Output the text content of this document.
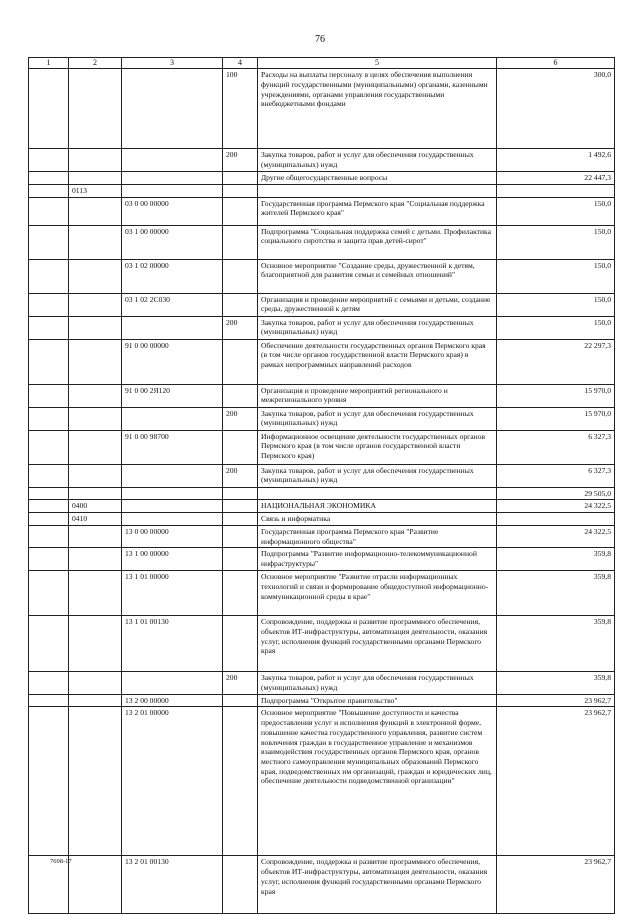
76
1	2	3	4	5	6
			100	Расходы на выплаты персоналу в целях обеспечения выполнения функций государственными (муниципальными) органами, казенными учреждениями, органами управления государственными внебюджетными фондами	300,0
			200	Закупка товаров, работ и услуг для обеспечения государственных (муниципальных) нужд	1 492,6
				Другие общегосударственные вопросы	22 447,3
	0113				
		03 0 00 00000		Государственная программа Пермского края "Социальная поддержка жителей Пермского края"	150,0
		03 1 00 00000		Подпрограмма "Социальная поддержка семей с детьми. Профилактика социального сиротства и защита прав детей-сирот"	150,0
		03 1 02 00000		Основное мероприятие "Создание среды, дружественной к детям, благоприятной для развития семьи и семейных отношений"	150,0
		03 1 02 2С030		Организация и проведение мероприятий с семьями и детьми, создание среды, дружественной к детям	150,0
			200	Закупка товаров, работ и услуг для обеспечения государственных (муниципальных) нужд	150,0
		91 0 00 00000		Обеспечение деятельности государственных органов Пермского края (в том числе органов государственной власти Пермского края) в рамках непрограммных направлений расходов	22 297,3
		91 0 00 2Я120		Организация и проведение мероприятий регионального и межрегионального уровня	15 970,0
			200	Закупка товаров, работ и услуг для обеспечения государственных (муниципальных) нужд	15 970,0
		91 0 00 98700		Информационное освещение деятельности государственных органов Пермского края (в том числе органов государственной власти Пермского края)	6 327,3
			200	Закупка товаров, работ и услуг для обеспечения государственных (муниципальных) нужд	6 327,3
					29 505,0
	0400			НАЦИОНАЛЬНАЯ ЭКОНОМИКА	24 322,5
	0410			Связь и информатика	
		13 0 00 00000		Государственная программа Пермского края "Развитие информационного общества"	24 322,5
		13 1 00 00000		Подпрограмма "Развитие информационно-телекоммуникационной инфраструктуры"	359,8
		13 1 01 00000		Основное мероприятие "Развитие отрасли информационных технологий и связи и формирование общедоступной информационно-коммуникационной среды в крае"	359,8
		13 1 01 00130		Сопровождение, поддержка и развитие программного обеспечения, объектов ИТ-инфраструктуры, автоматизация деятельности, оказания услуг, исполнения функций государственными органами Пермского края	359,8
			200	Закупка товаров, работ и услуг для обеспечения государственных (муниципальных) нужд	359,8
		13 2 00 00000		Подпрограмма "Открытое правительство"	23 962,7
		13 2 01 00000		Основное мероприятие "Повышение доступности и качества предоставления услуг и исполнения функций в электронной форме, повышение качества государственного управления, развитие систем вовлечения граждан в государственное управление и механизмов взаимодействия государственных органов Пермского края, органов местного самоуправления муниципальных образований Пермского края, подведомственных им организаций, граждан и юридических лиц, обеспечение деятельности подведомственной организации"	23 962,7
		13 2 01 00130		Сопровождение, поддержка и развитие программного обеспечения, объектов ИТ-инфраструктуры, автоматизация деятельности, оказания услуг, исполнения функций государственными органами Пермского края	23 962,7
7698-17
